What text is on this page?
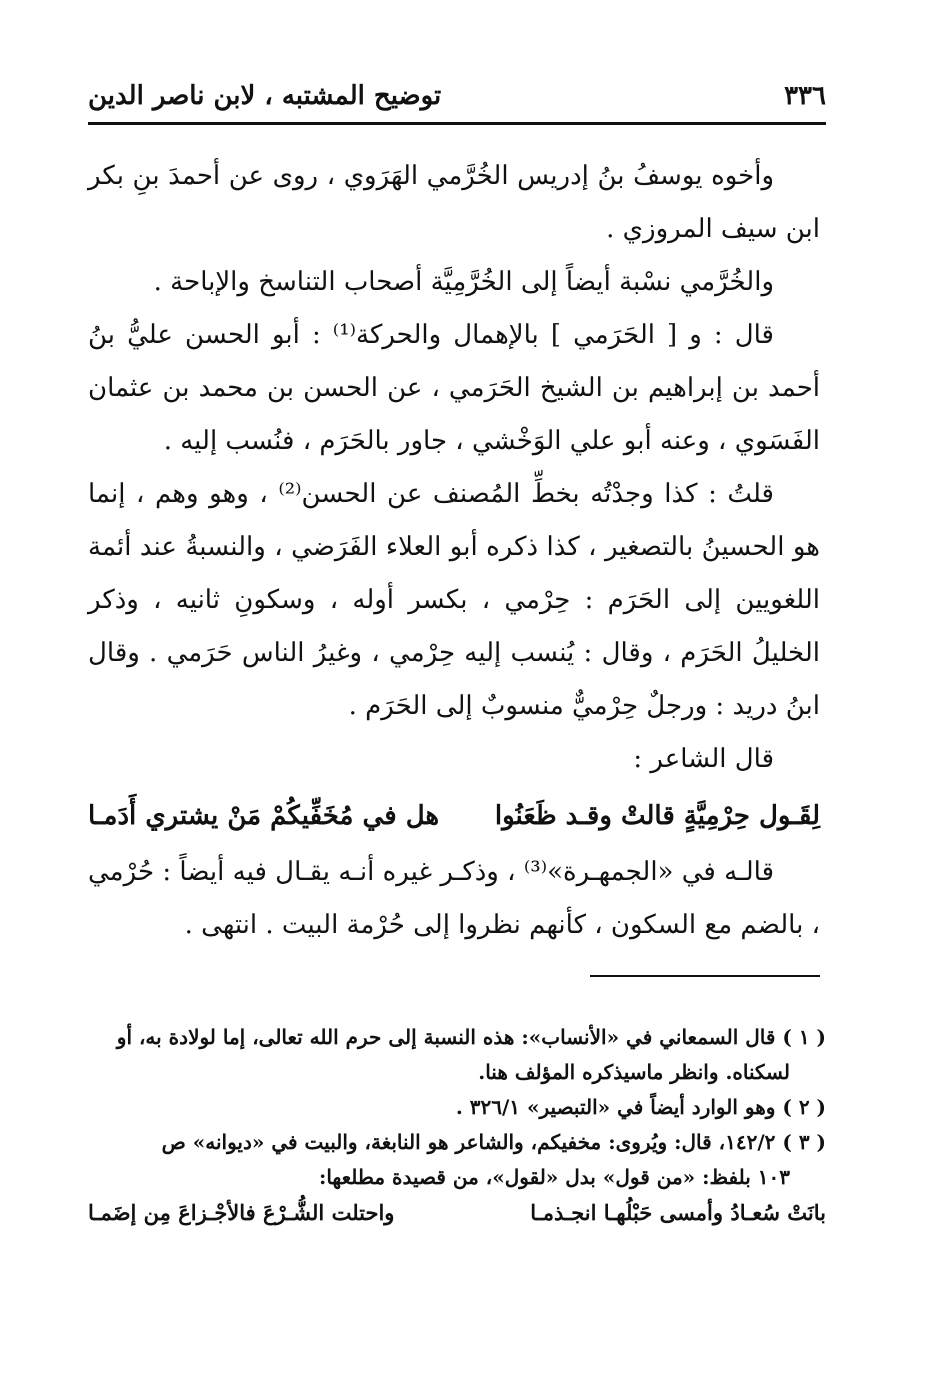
٣٣٦
توضيح المشتبه ، لابن ناصر الدين

وأخوه يوسفُ بنُ إدريس الخُرَّمي الهَرَوي ، روى عن أحمدَ بنِ بكر ابن سيف المروزي .

والخُرَّمي نسْبة أيضاً إلى الخُرَّمِيَّة أصحاب التناسخ والإباحة .

قال : و [ الحَرَمي ] بالإهمال والحركة⁽¹⁾ : أبو الحسن عليُّ بنُ أحمد بن إبراهيم بن الشيخ الحَرَمي ، عن الحسن بن محمد بن عثمان الفَسَوي ، وعنه أبو علي الوَخْشي ، جاور بالحَرَم ، فنُسب إليه .

قلتُ : كذا وجدْتُه بخطِّ المُصنف عن الحسن⁽²⁾ ، وهو وهم ، إنما هو الحسينُ بالتصغير ، كذا ذكره أبو العلاء الفَرَضي ، والنسبةُ عند أئمة اللغويين إلى الحَرَم : حِرْمي ، بكسر أوله ، وسكونِ ثانيه ، وذكر الخليلُ الحَرَم ، وقال : يُنسب إليه حِرْمي ، وغيرُ الناس حَرَمي . وقال ابنُ دريد : ورجلٌ حِرْميٌّ منسوبٌ إلى الحَرَم .

قال الشاعر :

لِقَـول حِرْمِيَّةٍ قالتْ وقـد ظَعَنُوا
هل في مُخَفِّيكُمْ مَنْ يشتري أَدَمـا

قالـه في «الجمهـرة»⁽³⁾ ، وذكـر غيره أنـه يقـال فيه أيضاً : حُرْمي ، بالضم مع السكون ، كأنهم نظروا إلى حُرْمة البيت . انتهى .

( ١ ) قال السمعاني في «الأنساب»: هذه النسبة إلى حرم الله تعالى، إما لولادة به، أو

لسكناه. وانظر ماسيذكره المؤلف هنا.

( ٢ ) وهو الوارد أيضاً في «التبصير» ٣٢٦/١ .

( ٣ ) ١٤٢/٢، قال: ويُروى: مخفيكم، والشاعر هو النابغة، والبيت في «ديوانه» ص

١٠٣ بلفظ: «من قول» بدل «لقول»، من قصيدة مطلعها:

بانَتْ سُعـادُ وأمسى حَبْلُهـا انجـذمـا
واحتلت الشُّـرْعَ فالأجْـزاعَ مِن إضَمـا
